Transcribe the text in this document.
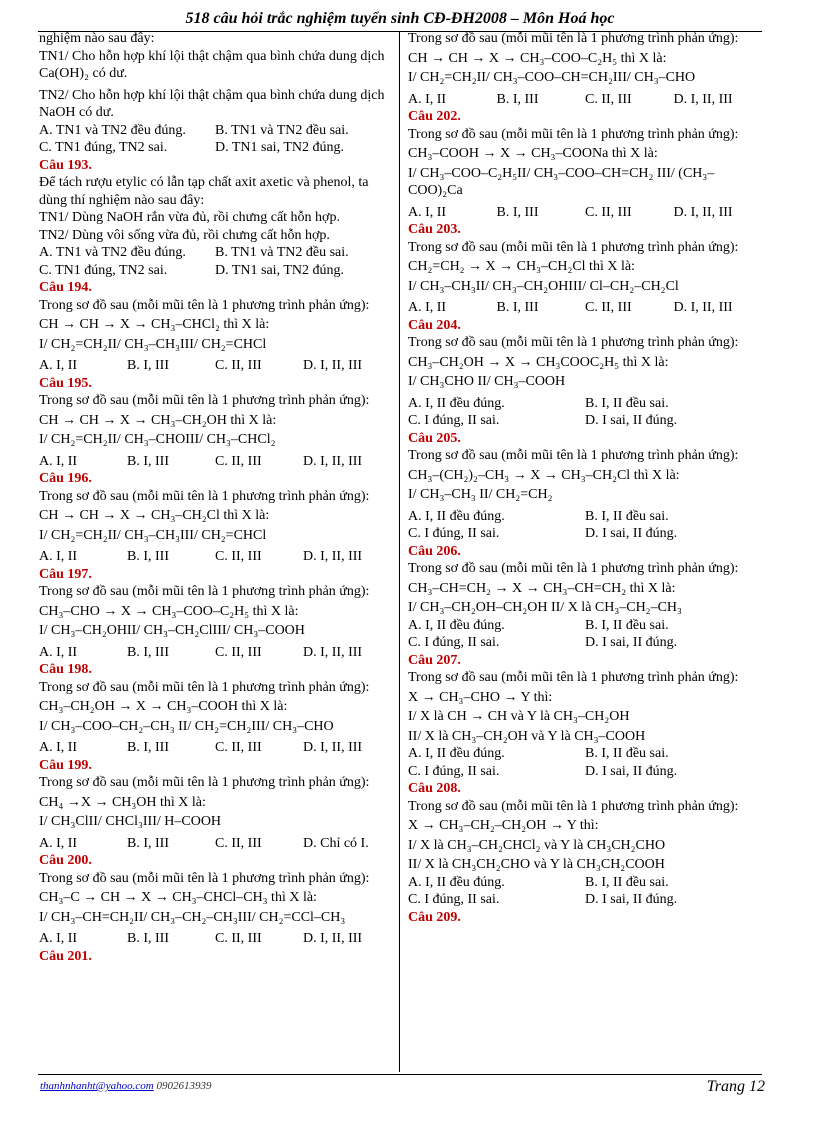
518 câu hỏi trắc nghiệm tuyển sinh CĐ-ĐH2008 – Môn Hoá học

nghiệm nào sau đây:

TN1/ Cho hỗn hợp khí lội thật chậm qua bình chứa dung dịch Ca(OH)₂ có dư.

TN2/ Cho hỗn hợp khí lội thật chậm qua bình chứa dung dịch NaOH có dư.

A. TN1 và TN2 đều đúng.	B. TN1 và TN2 đều sai.
C. TN1 đúng, TN2 sai.	D. TN1 sai, TN2 đúng.

Câu 193.

Để tách rượu etylic có lẫn tạp chất axit axetic và phenol, ta dùng thí nghiệm nào sau đây:

TN1/ Dùng NaOH rắn vừa đủ, rồi chưng cất hỗn hợp.

TN2/ Dùng vôi sống vừa đủ, rồi chưng cất hỗn hợp.

A. TN1 và TN2 đều đúng.	B. TN1 và TN2 đều sai.
C. TN1 đúng, TN2 sai.	D. TN1 sai, TN2 đúng.

Câu 194.

Trong sơ đồ sau (mỗi mũi tên là 1 phương trình phản ứng):

CH → CH → X → CH₃–CHCl₂ thì X là:

I/ CH₂=CH₂II/ CH₃–CH₃III/ CH₂=CHCl

A. I, II	B. I, III	C. II, III	D. I, II, III

Câu 195.

Trong sơ đồ sau (mỗi mũi tên là 1 phương trình phản ứng):

CH → CH → X → CH₃–CH₂OH thì X là:

I/ CH₂=CH₂II/ CH₃–CHOIII/ CH₃–CHCl₂

A. I, II	B. I, III	C. II, III	D. I, II, III

Câu 196.

Trong sơ đồ sau (mỗi mũi tên là 1 phương trình phản ứng):

CH → CH → X → CH₃–CH₂Cl thì X là:

I/ CH₂=CH₂II/ CH₃–CH₃III/ CH₂=CHCl

A. I, II	B. I, III	C. II, III	D. I, II, III

Câu 197.

Trong sơ đồ sau (mỗi mũi tên là 1 phương trình phản ứng):

CH₃–CHO → X → CH₃–COO–C₂H₅ thì X là:

I/ CH₃–CH₂OHII/ CH₃–CH₂ClIII/ CH₃–COOH

A. I, II	B. I, III	C. II, III	D. I, II, III

Câu 198.

Trong sơ đồ sau (mỗi mũi tên là 1 phương trình phản ứng):

CH₃–CH₂OH → X → CH₃–COOH thì X là:

I/ CH₃–COO–CH₂–CH₃ II/ CH₂=CH₂III/ CH₃–CHO

A. I, II	B. I, III	C. II, III	D. I, II, III

Câu 199.

Trong sơ đồ sau (mỗi mũi tên là 1 phương trình phản ứng):

CH₄ →X → CH₃OH thì X là:

I/ CH₃ClII/ CHCl₃III/ H–COOH

A. I, II	B. I, III	C. II, III	D. Chỉ có I.

Câu 200.

Trong sơ đồ sau (mỗi mũi tên là 1 phương trình phản ứng):

CH₃–C → CH → X → CH₃–CHCl–CH₃ thì X là:

I/ CH₃–CH=CH₂II/ CH₃–CH₂–CH₃III/ CH₂=CCl–CH₃

A. I, II	B. I, III	C. II, III	D. I, II, III

Câu 201.

Trong sơ đồ sau (mỗi mũi tên là 1 phương trình phản ứng):

CH → CH → X → CH₃–COO–C₂H₅ thì X là:

I/ CH₂=CH₂II/ CH₃–COO–CH=CH₂III/ CH₃–CHO

A. I, II	B. I, III	C. II, III	D. I, II, III

Câu 202.

Trong sơ đồ sau (mỗi mũi tên là 1 phương trình phản ứng):

CH₃–COOH → X → CH₃–COONa thì X là:

I/ CH₃–COO–C₂H₅II/ CH₃–COO–CH=CH₂ III/ (CH₃–COO)₂Ca

A. I, II	B. I, III	C. II, III	D. I, II, III

Câu 203.

Trong sơ đồ sau (mỗi mũi tên là 1 phương trình phản ứng):

CH₂=CH₂ → X → CH₃–CH₂Cl thì X là:

I/ CH₃–CH₃II/ CH₃–CH₂OHIII/ Cl–CH₂–CH₂Cl

A. I, II	B. I, III	C. II, III	D. I, II, III

Câu 204.

Trong sơ đồ sau (mỗi mũi tên là 1 phương trình phản ứng):

CH₃–CH₂OH → X → CH₃COOC₂H₅ thì X là:

I/ CH₃CHO II/ CH₃–COOH

A. I, II đều đúng.	B. I, II đều sai.
C. I đúng, II sai.	D. I sai, II đúng.

Câu 205.

Trong sơ đồ sau (mỗi mũi tên là 1 phương trình phản ứng):

CH₃–(CH₂)₂–CH₃ → X → CH₃–CH₂Cl thì X là:

I/ CH₃–CH₃ II/ CH₂=CH₂

A. I, II đều đúng.	B. I, II đều sai.
C. I đúng, II sai.	D. I sai, II đúng.

Câu 206.

Trong sơ đồ sau (mỗi mũi tên là 1 phương trình phản ứng):

CH₃–CH=CH₂ → X → CH₃–CH=CH₂ thì X là:

I/ CH₃–CH₂OH–CH₂OH II/ X là CH₃–CH₂–CH₃

A. I, II đều đúng.	B. I, II đều sai.
C. I đúng, II sai.	D. I sai, II đúng.

Câu 207.

Trong sơ đồ sau (mỗi mũi tên là 1 phương trình phản ứng):

X → CH₃–CHO → Y thì:

I/ X là CH → CH và Y là CH₃–CH₂OH

II/ X là CH₃–CH₂OH và Y là CH₃–COOH

A. I, II đều đúng.	B. I, II đều sai.
C. I đúng, II sai.	D. I sai, II đúng.

Câu 208.

Trong sơ đồ sau (mỗi mũi tên là 1 phương trình phản ứng):

X → CH₃–CH₂–CH₂OH → Y thì:

I/ X là CH₃–CH₂CHCl₂ và Y là CH₃CH₂CHO

II/ X là CH₃CH₂CHO và Y là CH₃CH₂COOH

A. I, II đều đúng.	B. I, II đều sai.
C. I đúng, II sai.	D. I sai, II đúng.

Câu 209.

thanhnhanht@yahoo.com 0902613939	Trang 12
